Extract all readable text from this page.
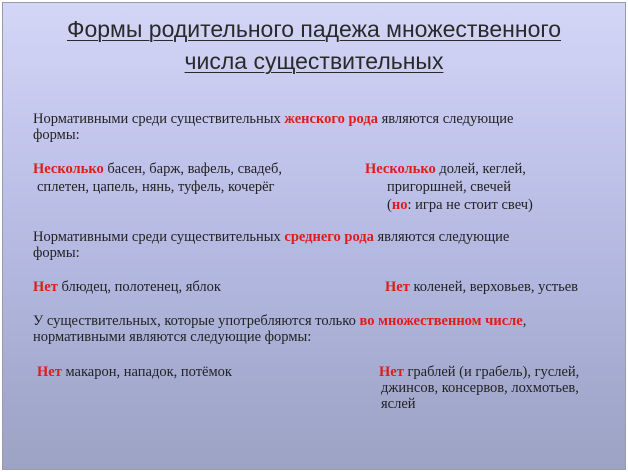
Формы родительного падежа множественного

числа существительных

Нормативными среди существительных женского рода являются следующие

формы:

Несколько басен, барж, вафель, свадеб,

сплетен, цапель, нянь, туфель, кочерёг

Несколько долей, кеглей,

пригоршней, свечей

(но: игра не стоит свеч)

Нормативными среди существительных среднего рода являются следующие

формы:

Нет блюдец, полотенец, яблок	Нет коленей, верховьев, устьев

У существительных, которые употребляются только во множественном числе,

нормативными являются следующие формы:

Нет макарон, нападок, потёмок	Нет граблей (и грабель), гуслей,

джинсов, консервов, лохмотьев,

яслей
